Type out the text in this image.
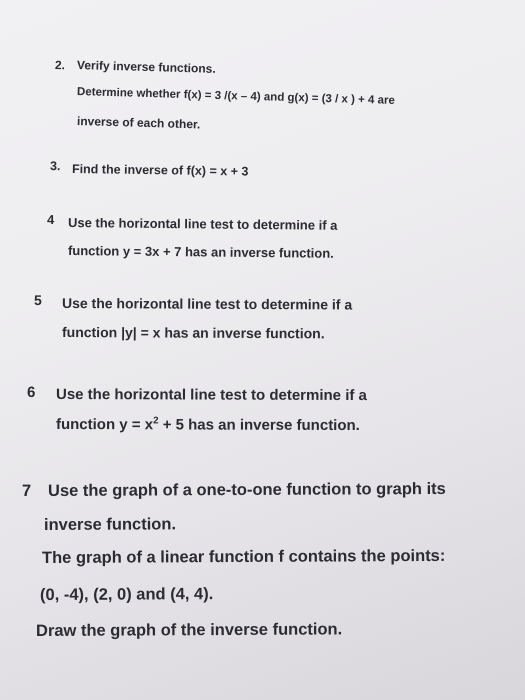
2. Verify inverse functions.
Determine whether f(x) = 3 /(x – 4) and g(x) = (3 / x ) + 4 are
inverse of each other.
3. Find the inverse of f(x) = x + 3
4 Use the horizontal line test to determine if a
function y = 3x + 7 has an inverse function.
5 Use the horizontal line test to determine if a
function |y| = x has an inverse function.
6 Use the horizontal line test to determine if a
function $y = x^2 + 5$ has an inverse function.
7 Use the graph of a one-to-one function to graph its
inverse function.
The graph of a linear function f contains the points:
(0, -4), (2, 0) and (4, 4).
Draw the graph of the inverse function.
